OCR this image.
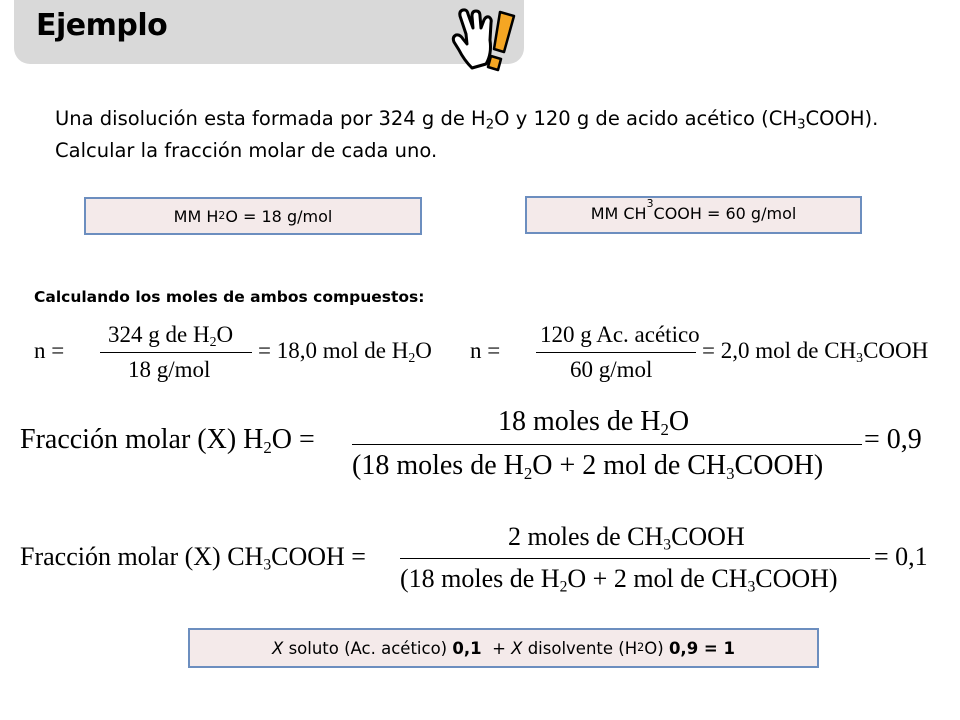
Ejemplo
Una disolución esta formada por 324 g de $H_2O$ y 120 g de acido acético $(CH_3COOH)$.
Calcular la fracción molar de cada uno.
MM H 2 O = 18 g/mol	MM CH
3
COOH = 60 g/mol
Calculando los moles de ambos compuestos:
n =
324 g de $H_2O$
18 g/mol
= 18,0 mol de $H_2O$ n =
120 g Ac. acético
60 g/mol
= 2,0 mol de $CH_3COOH$
Fracción molar (X) $H_2O$ =
18 moles de $H_2O$
(18 moles de $H_2O + 2$ mol de $CH_3COOH$)
= 0,9
Fracción molar (X) $CH_3COOH$ =
2 moles de $CH_3COOH$
(18 moles de $H_2O + 2$ mol de $CH_3COOH$)
= 0,1
X soluto (Ac. acético) 0,1 + X disolvente (H 2 O) 0,9 = 1
